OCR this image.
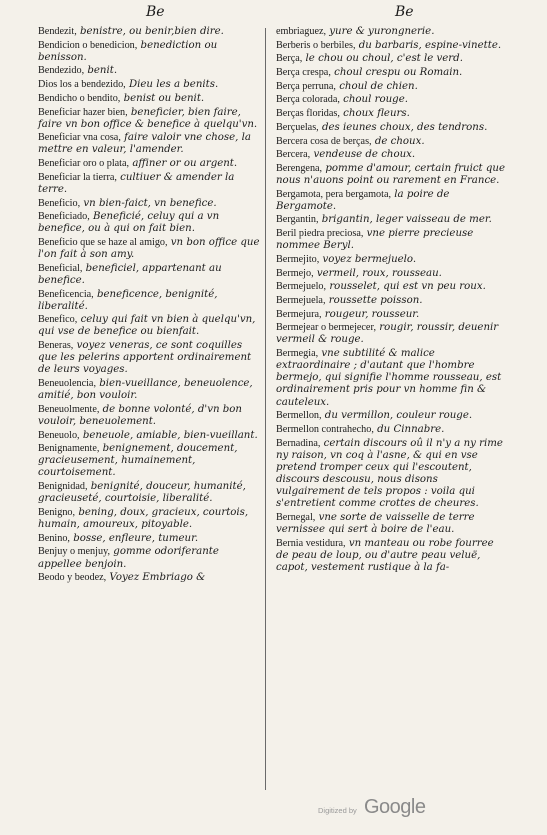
Be	Be
Bendezit, benistre, ou benir,bien dire.
Bendicion o benedicion, benediction ou benisson.
Bendezido, benit.
Dios los a bendezido, Dieu les a benits.
Bendicho o bendito, benist ou benit.
Beneficiar hazer bien, beneficier, bien faire, faire vn bon office & benefice à quelqu'vn.
Beneficiar vna cosa, faire valoir vne chose, la mettre en valeur, l'amender.
Beneficiar oro o plata, affiner or ou argent.
Beneficiar la tierra, cultiuer & amender la terre.
Beneficio, vn bien-faict, vn benefice.
Beneficiado, Beneficié, celuy qui a vn benefice, ou à qui on fait bien.
Beneficio que se haze al amigo, vn bon office que l'on fait à son amy.
Beneficial, beneficiel, appartenant au benefice.
Beneficencia, beneficence, benignité, liberalité.
Benefico, celuy qui fait vn bien à quelqu'vn, qui vse de benefice ou bienfait.
Beneras, voyez veneras, ce sont coquilles que les pelerins apportent ordinairement de leurs voyages.
Beneuolencia, bien-vueillance, beneuolence, amitié, bon vouloir.
Beneuolmente, de bonne volonté, d'vn bon vouloir, beneuolement.
Beneuolo, beneuole, amiable, bien-vueillant.
Benignamente, benignement, doucement, gracieusement, humainement, courtoisement.
Benignidad, benignité, douceur, humanité, gracieuseté, courtoisie, liberalité.
Benigno, bening, doux, gracieux, courtois, humain, amoureux, pitoyable.
Benino, bosse, enfleure, tumeur.
Benjuy o menjuy, gomme odoriferante appellee benjoin.
Beodo y beodez, Voyez Embriago &
embriaguez, yure & yurongnerie.
Berberis o berbiles, du barbaris, espine-vinette.
Berça, le chou ou choul, c'est le verd.
Berça crespa, choul crespu ou Romain.
Berça perruna, choul de chien.
Berça colorada, choul rouge.
Berças floridas, choux fleurs.
Berçuelas, des ieunes choux, des tendrons.
Bercera cosa de berças, de choux.
Bercera, vendeuse de choux.
Berengena, pomme d'amour, certain fruict que nous n'auons point ou rarement en France.
Bergamota, pera bergamota, la poire de Bergamote.
Bergantin, brigantin, leger vaisseau de mer.
Beril piedra preciosa, vne pierre precieuse nommee Beryl.
Bermejito, voyez bermejuelo.
Bermejo, vermeil, roux, rousseau.
Bermejuelo, rousselet, qui est vn peu roux.
Bermejuela, roussette poisson.
Bermejura, rougeur, rousseur.
Bermejear o bermejecer, rougir, roussir, deuenir vermeil & rouge.
Bermegia, vne subtilité & malice extraordinaire ; d'autant que l'hombre bermejo, qui signifie l'homme rousseau, est ordinairement pris pour vn homme fin & cauteleux.
Bermellon, du vermillon, couleur rouge.
Bermellon contrahecho, du Cinnabre.
Bernadina, certain discours oû il n'y a ny rime ny raison, vn coq à l'asne, & qui en vse pretend tromper ceux qui l'escoutent, discours descousu, nous disons vulgairement de tels propos : voila qui s'entretient comme crottes de cheures.
Bernegal, vne sorte de vaisselle de terre vernissee qui sert à boire de l'eau.
Bernia vestidura, vn manteau ou robe fourree de peau de loup, ou d'autre peau veluë, capot, vestement rustique à la fa-
Digitized by Google
